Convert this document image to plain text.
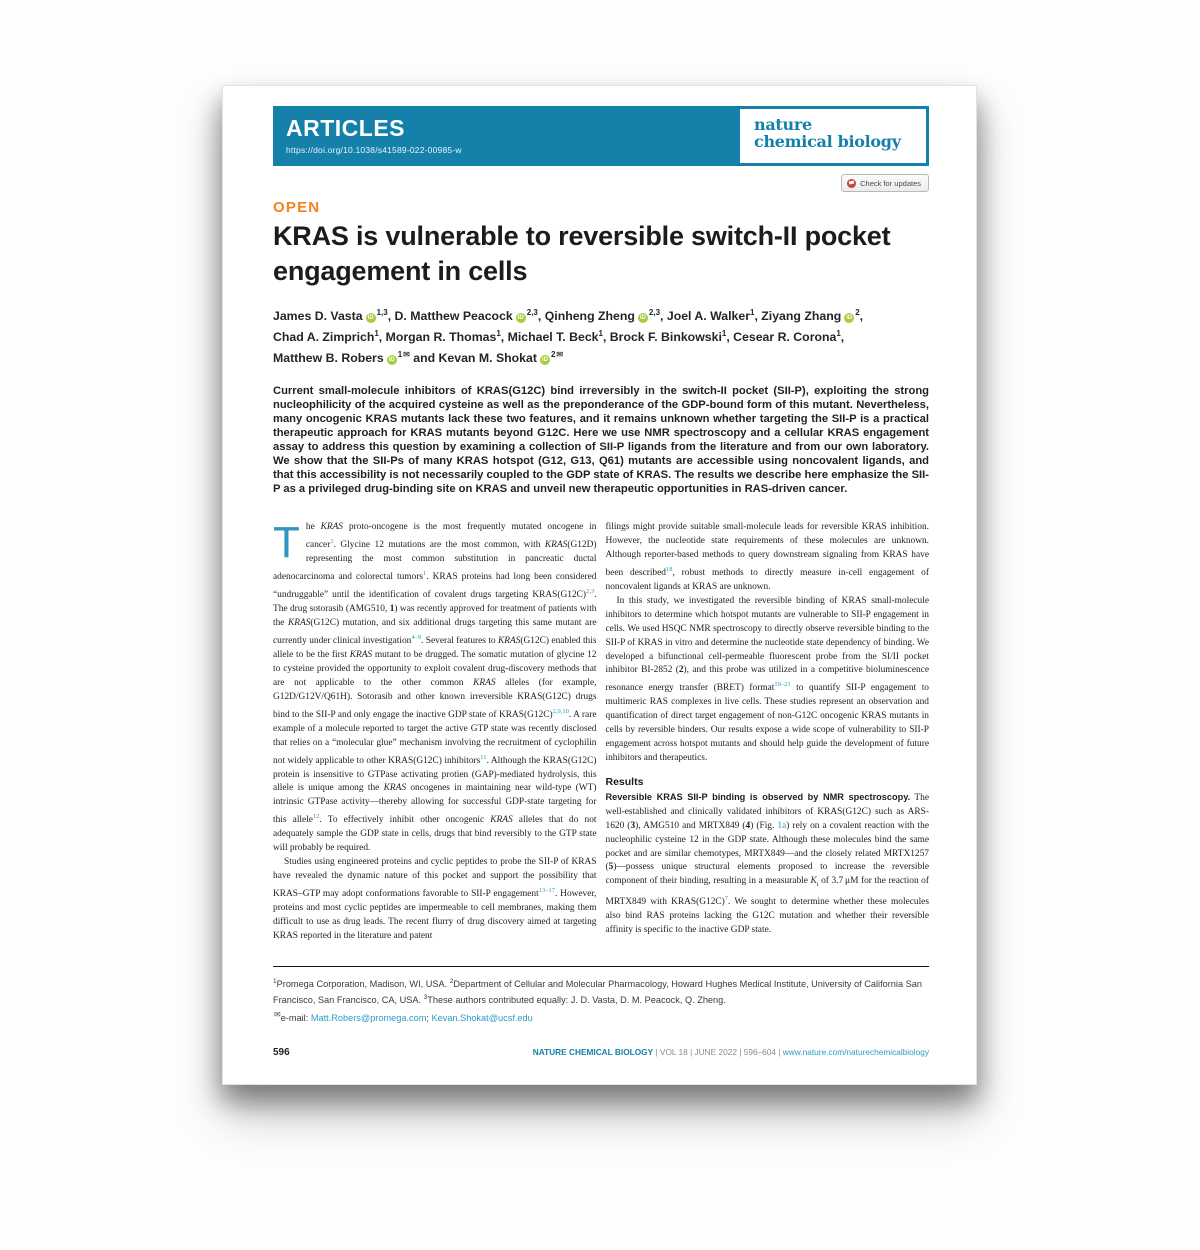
ARTICLES
https://doi.org/10.1038/s41589-022-00985-w
nature
chemical biology
Check for updates
OPEN
KRAS is vulnerable to reversible switch-II pocket engagement in cells
James D. Vasta iD$^{1,3}$, D. Matthew Peacock iD$^{2,3}$, Qinheng Zheng iD$^{2,3}$, Joel A. Walker$^1$, Ziyang Zhang $iD^2$,
Chad A. Zimprich$^1$, Morgan R. Thomas$^1$, Michael T. Beck$^1$, Brock F. Binkowski$^1$, Cesear R. Corona$^1$,
Matthew B. Robers $iD^{1✉}$ and Kevan M. Shokat $iD^{2✉}$

Current small-molecule inhibitors of KRAS(G12C) bind irreversibly in the switch-II pocket (SII-P), exploiting the strong nucleophilicity of the acquired cysteine as well as the preponderance of the GDP-bound form of this mutant. Nevertheless, many oncogenic KRAS mutants lack these two features, and it remains unknown whether targeting the SII-P is a practical therapeutic approach for KRAS mutants beyond G12C. Here we use NMR spectroscopy and a cellular KRAS engagement assay to address this question by examining a collection of SII-P ligands from the literature and from our own laboratory. We show that the SII-Ps of many KRAS hotspot (G12, G13, Q61) mutants are accessible using noncovalent ligands, and that this accessibility is not necessarily coupled to the GDP state of KRAS. The results we describe here emphasize the SII-P as a privileged drug-binding site on KRAS and unveil new therapeutic opportunities in RAS-driven cancer.

The KRAS proto-oncogene is the most frequently mutated oncogene in cancer$^1$. Glycine 12 mutations are the most common, with KRAS(G12D) representing the most common substitution in pancreatic ductal adenocarcinoma and colorectal tumors$^1$. KRAS proteins had long been considered “undruggable” until the identification of covalent drugs targeting $KRAS(G12C)^{2,3}$. The drug sotorasib (AMG510, 1) was recently approved for treatment of patients with the KRAS(G12C) mutation, and six additional drugs targeting this same mutant are currently under clinical investigation$^{4-9}$. Several features to KRAS(G12C) enabled this allele to be the first KRAS mutant to be drugged. The somatic mutation of glycine 12 to cysteine provided the opportunity to exploit covalent drug-discovery methods that are not applicable to the other common KRAS alleles (for example, G12D/G12V/Q61H). Sotorasib and other known irreversible KRAS(G12C) drugs bind to the SII-P and only engage the inactive GDP state of $KRAS(G12C)^{2,9,10}$. A rare example of a molecule reported to target the active GTP state was recently disclosed that relies on a “molecular glue” mechanism involving the recruitment of cyclophilin not widely applicable to other KRAS(G12C) inhibitors$^{11}$. Although the KRAS(G12C) protein is insensitive to GTPase activating protien (GAP)-mediated hydrolysis, this allele is unique among the KRAS oncogenes in maintaining near wild-type (WT) intrinsic GTPase activity—thereby allowing for successful GDP-state targeting for this allele$^{12}$. To effectively inhibit other oncogenic KRAS alleles that do not adequately sample the GDP state in cells, drugs that bind reversibly to the GTP state will probably be required.

Studies using engineered proteins and cyclic peptides to probe the SII-P of KRAS have revealed the dynamic nature of this pocket and support the possibility that KRAS–GTP may adopt conformations favorable to SII-P engagement$^{13-17}$. However, proteins and most cyclic peptides are impermeable to cell membranes, making them difficult to use as drug leads. The recent flurry of drug discovery aimed at targeting KRAS reported in the literature and patent

filings might provide suitable small-molecule leads for reversible KRAS inhibition. However, the nucleotide state requirements of these molecules are unknown. Although reporter-based methods to query downstream signaling from KRAS have been described$^{18}$, robust methods to directly measure in-cell engagement of noncovalent ligands at KRAS are unknown.

In this study, we investigated the reversible binding of KRAS small-molecule inhibitors to determine which hotspot mutants are vulnerable to SII-P engagement in cells. We used HSQC NMR spectroscopy to directly observe reversible binding to the SII-P of KRAS in vitro and determine the nucleotide state dependency of binding. We developed a bifunctional cell-permeable fluorescent probe from the SI/II pocket inhibitor BI-2852 (2), and this probe was utilized in a competitive bioluminescence resonance energy transfer (BRET) format$^{19-21}$ to quantify SII-P engagement to multimeric RAS complexes in live cells. These studies represent an observation and quantification of direct target engagement of non-G12C oncogenic KRAS mutants in cells by reversible binders. Our results expose a wide scope of vulnerability to SII-P engagement across hotspot mutants and should help guide the development of future inhibitors and therapeutics.

Results

Reversible KRAS SII-P binding is observed by NMR spectroscopy. The well-established and clinically validated inhibitors of KRAS(G12C) such as ARS-1620 (3), AMG510 and MRTX849 (4) (Fig. 1a) rely on a covalent reaction with the nucleophilic cysteine 12 in the GDP state. Although these molecules bind the same pocket and are similar chemotypes, MRTX849—and the closely related MRTX1257 (5)—possess unique structural elements proposed to increase the reversible component of their binding, resulting in a measurable $K_i$ of 3.7 μM for the reaction of MRTX849 with $KRAS(G12C)^7$. We sought to determine whether these molecules also bind RAS proteins lacking the G12C mutation and whether their reversible affinity is specific to the inactive GDP state.

$^1$Promega Corporation, Madison, WI, USA. $^2$Department of Cellular and Molecular Pharmacology, Howard Hughes Medical Institute, University of California San Francisco, San Francisco, CA, USA. $^3$These authors contributed equally: J. D. Vasta, D. M. Peacock, Q. Zheng.
✉e-mail: Matt.Robers@promega.com; Kevan.Shokat@ucsf.edu
596	NATURE CHEMICAL BIOLOGY | VOL 18 | JUNE 2022 | 596–604 | www.nature.com/naturechemicalbiology
